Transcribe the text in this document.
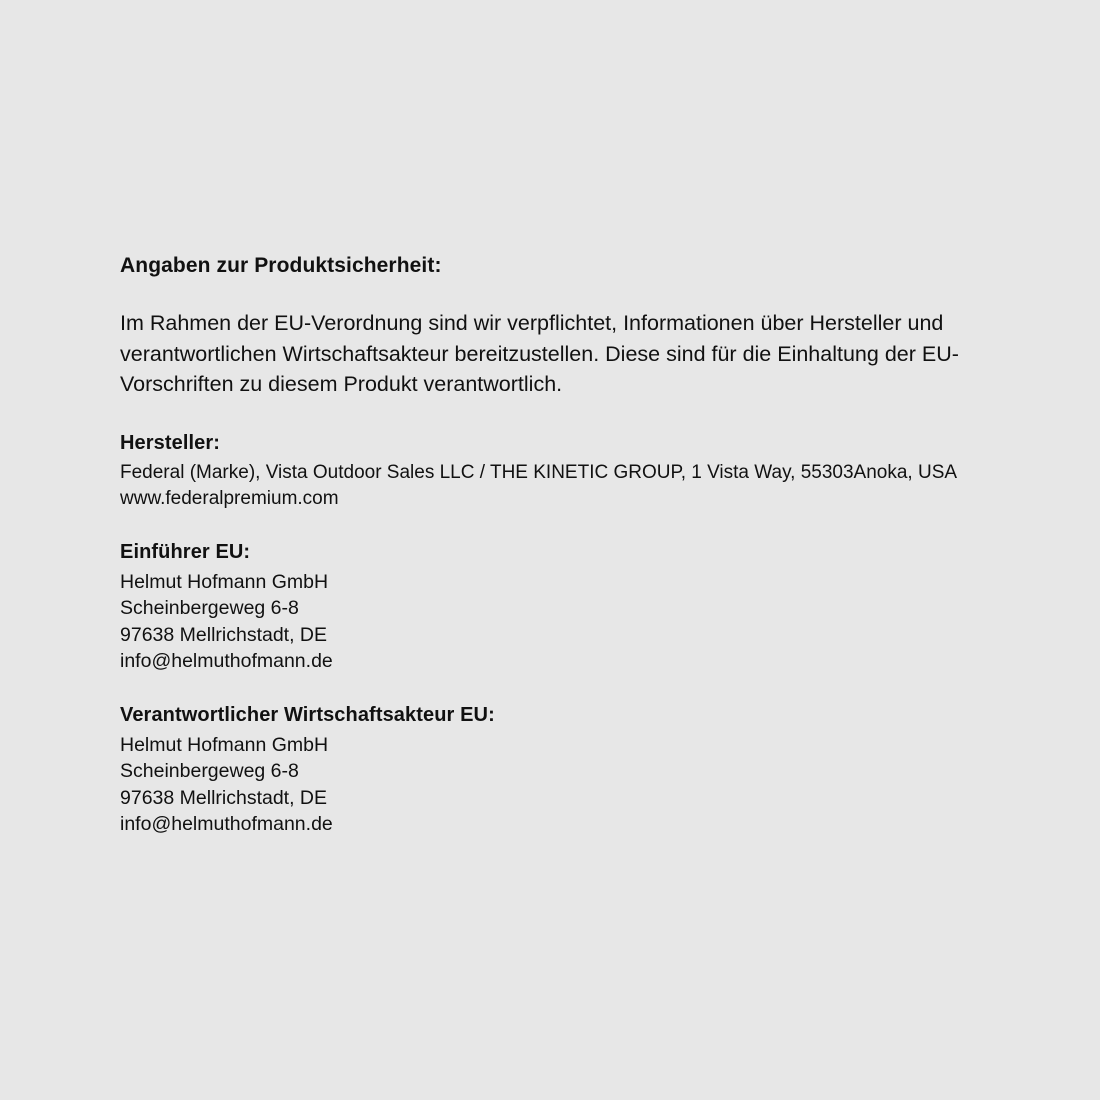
Angaben zur Produktsicherheit:

Im Rahmen der EU-Verordnung sind wir verpflichtet, Informationen über Hersteller und verantwortlichen Wirtschaftsakteur bereitzustellen. Diese sind für die Einhaltung der EU-Vorschriften zu diesem Produkt verantwortlich.

Hersteller:

Federal (Marke), Vista Outdoor Sales LLC / THE KINETIC GROUP, 1 Vista Way, 55303Anoka, USA

www.federalpremium.com

Einführer EU:

Helmut Hofmann GmbH

Scheinbergeweg 6-8

97638 Mellrichstadt, DE

info@helmuthofmann.de

Verantwortlicher Wirtschaftsakteur EU:

Helmut Hofmann GmbH

Scheinbergeweg 6-8

97638 Mellrichstadt, DE

info@helmuthofmann.de
